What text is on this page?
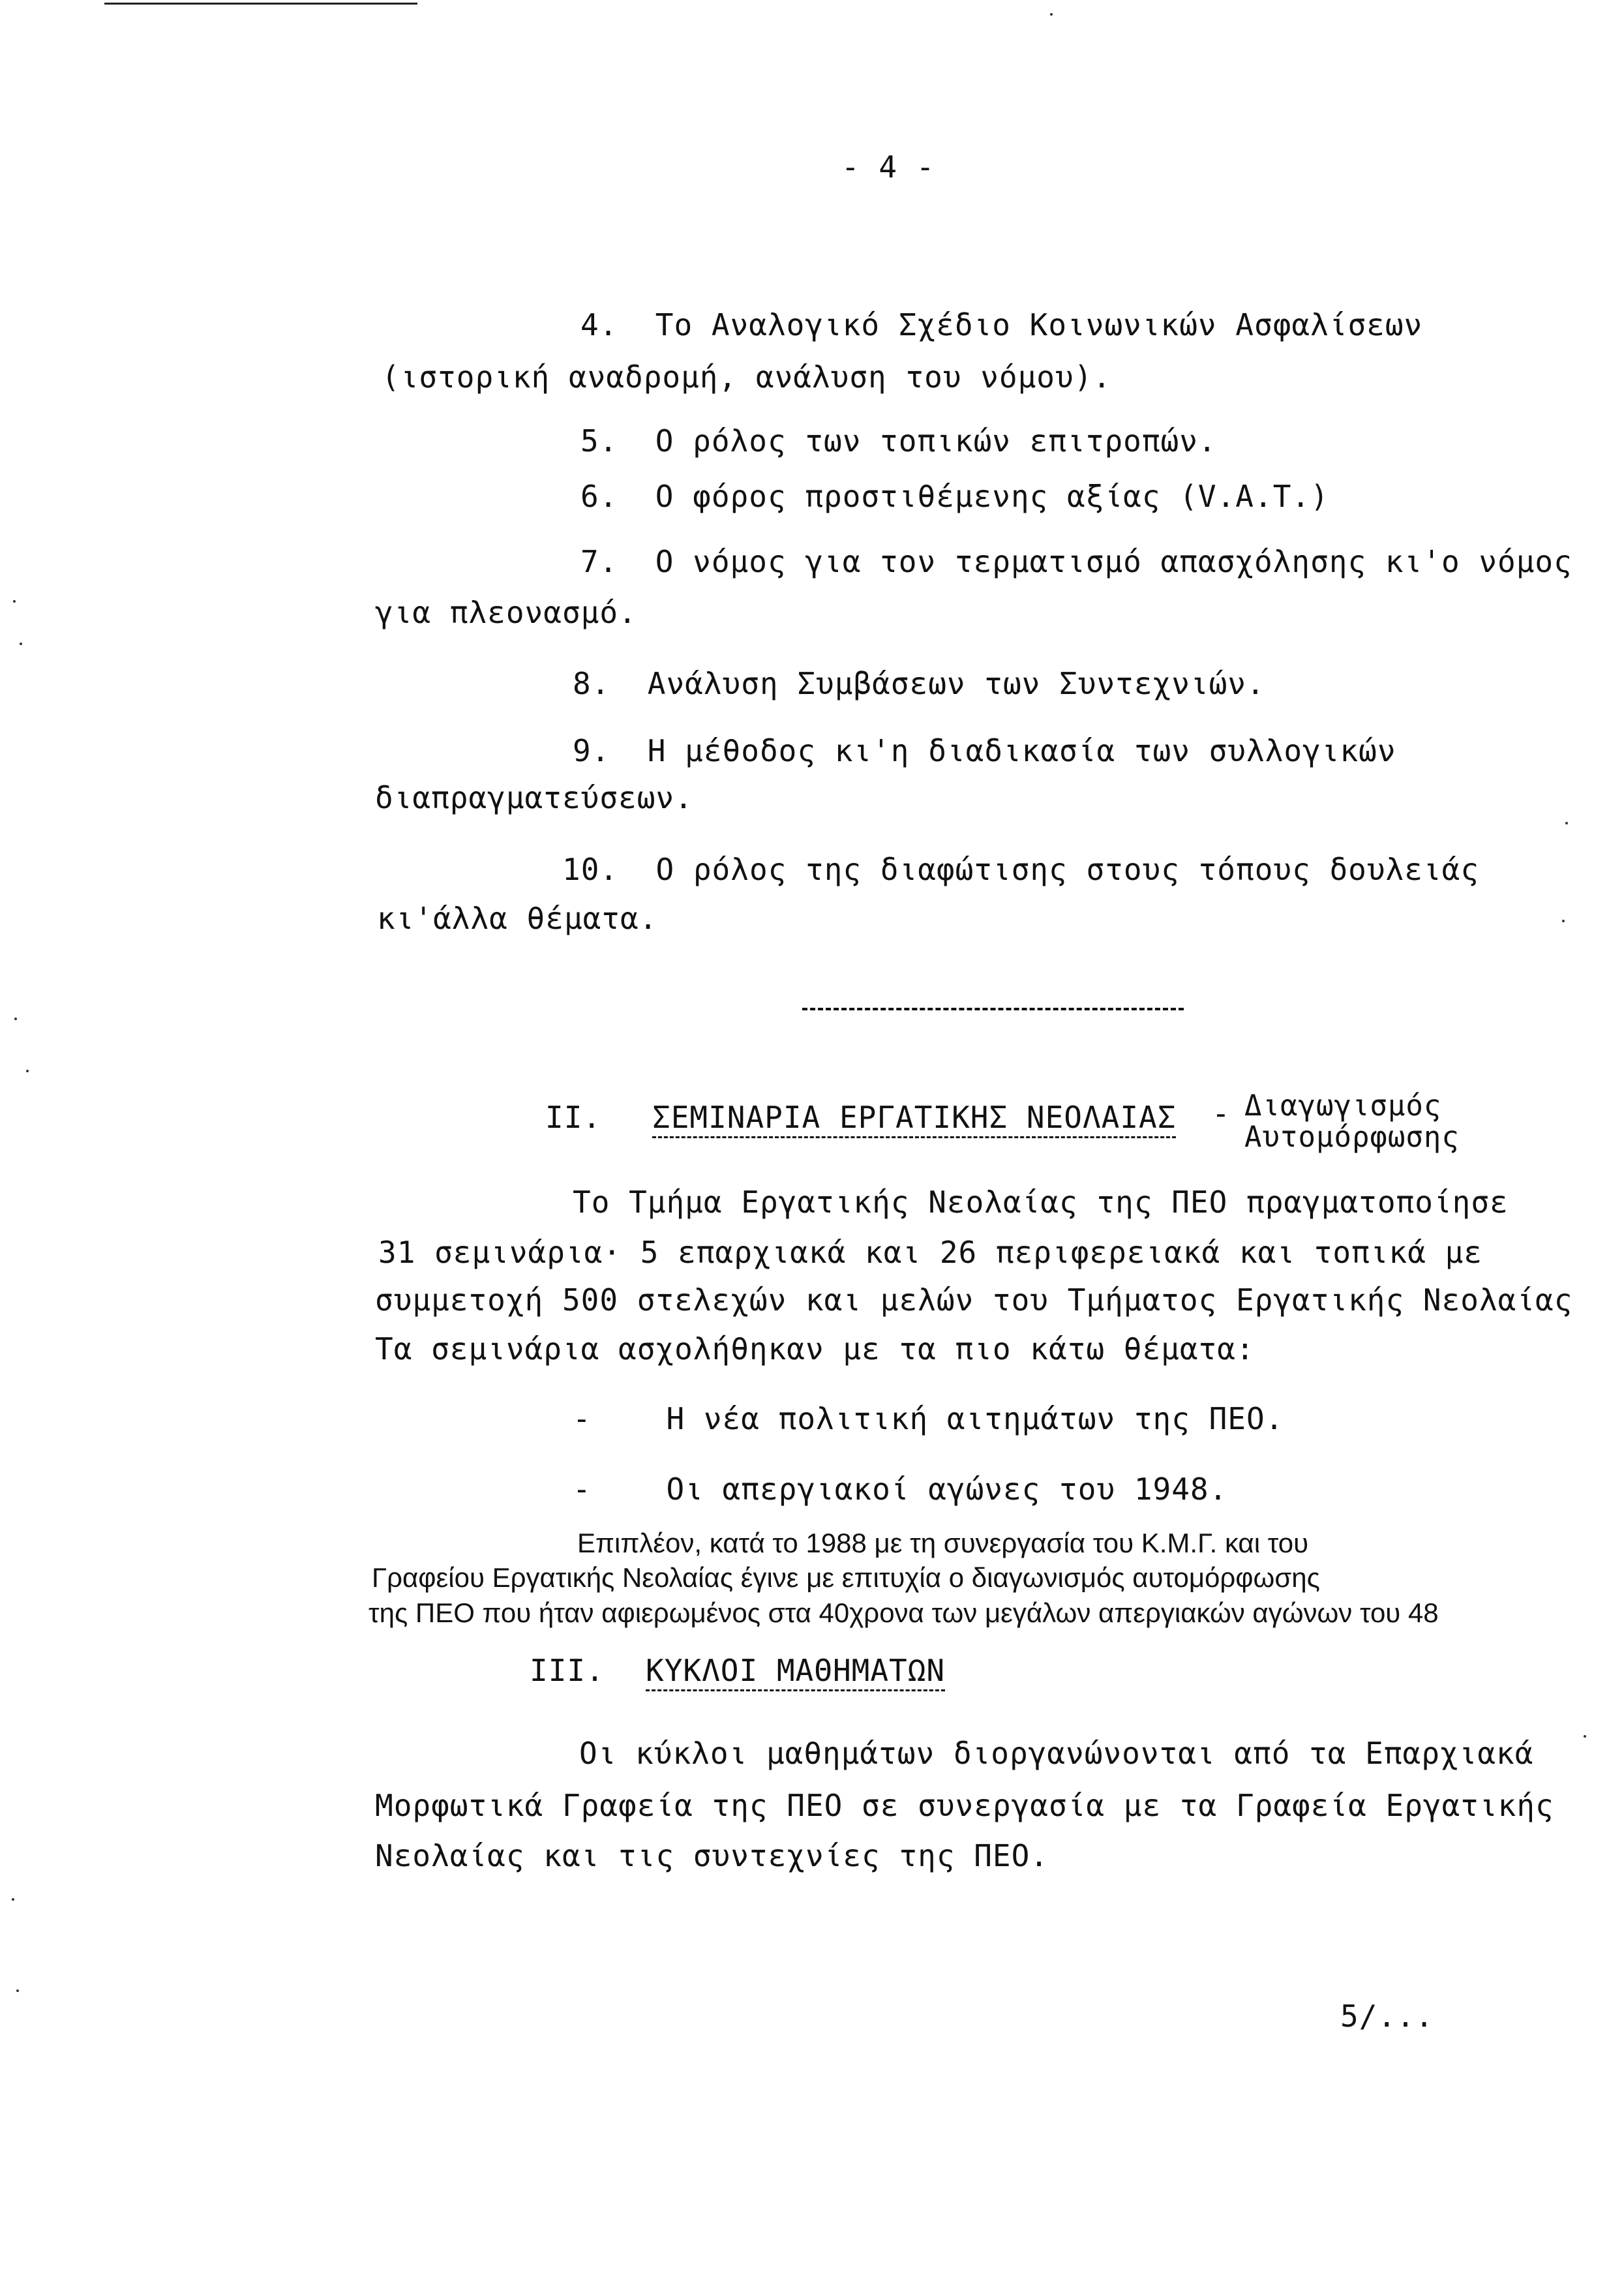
- 4 -
4.  Το Αναλογικό Σχέδιο Κοινωνικών Ασφαλίσεων
(ιστορική αναδρομή, ανάλυση του νόμου).
5.  Ο ρόλος των τοπικών επιτροπών.
6.  Ο φόρος προστιθέμενης αξίας (V.A.T.)
7.  Ο νόμος για τον τερματισμό απασχόλησης κι'ο νόμος
για πλεονασμό.
8.  Ανάλυση Συμβάσεων των Συντεχνιών.
9.  Η μέθοδος κι'η διαδικασία των συλλογικών
διαπραγματεύσεων.
10.  Ο ρόλος της διαφώτισης στους τόπους δουλειάς
κι'άλλα θέματα.
ΙΙ. ΣΕΜΙΝΑΡΙΑ ΕΡΓΑΤΙΚΗΣ ΝΕΟΛΑΙΑΣ - Διαγωγισμός
Αυτομόρφωσης
Το Τμήμα Εργατικής Νεολαίας της ΠΕΟ πραγματοποίησε
31 σεμινάρια· 5 επαρχιακά και 26 περιφερειακά και τοπικά με
συμμετοχή 500 στελεχών και μελών του Τμήματος Εργατικής Νεολαίας
Τα σεμινάρια ασχολήθηκαν με τα πιο κάτω θέματα:
-    Η νέα πολιτική αιτημάτων της ΠΕΟ.
-    Οι απεργιακοί αγώνες του 1948.
Επιπλέον, κατά το 1988 με τη συνεργασία του Κ.Μ.Γ. και του
Γραφείου Εργατικής Νεολαίας έγινε με επιτυχία ο διαγωνισμός αυτομόρφωσης
της ΠΕΟ που ήταν αφιερωμένος στα 40χρονα των μεγάλων απεργιακών αγώνων του 48
ΙΙΙ. ΚΥΚΛΟΙ ΜΑΘΗΜΑΤΩΝ
Οι κύκλοι μαθημάτων διοργανώνονται από τα Επαρχιακά
Μορφωτικά Γραφεία της ΠΕΟ σε συνεργασία με τα Γραφεία Εργατικής
Νεολαίας και τις συντεχνίες της ΠΕΟ.
5/...
